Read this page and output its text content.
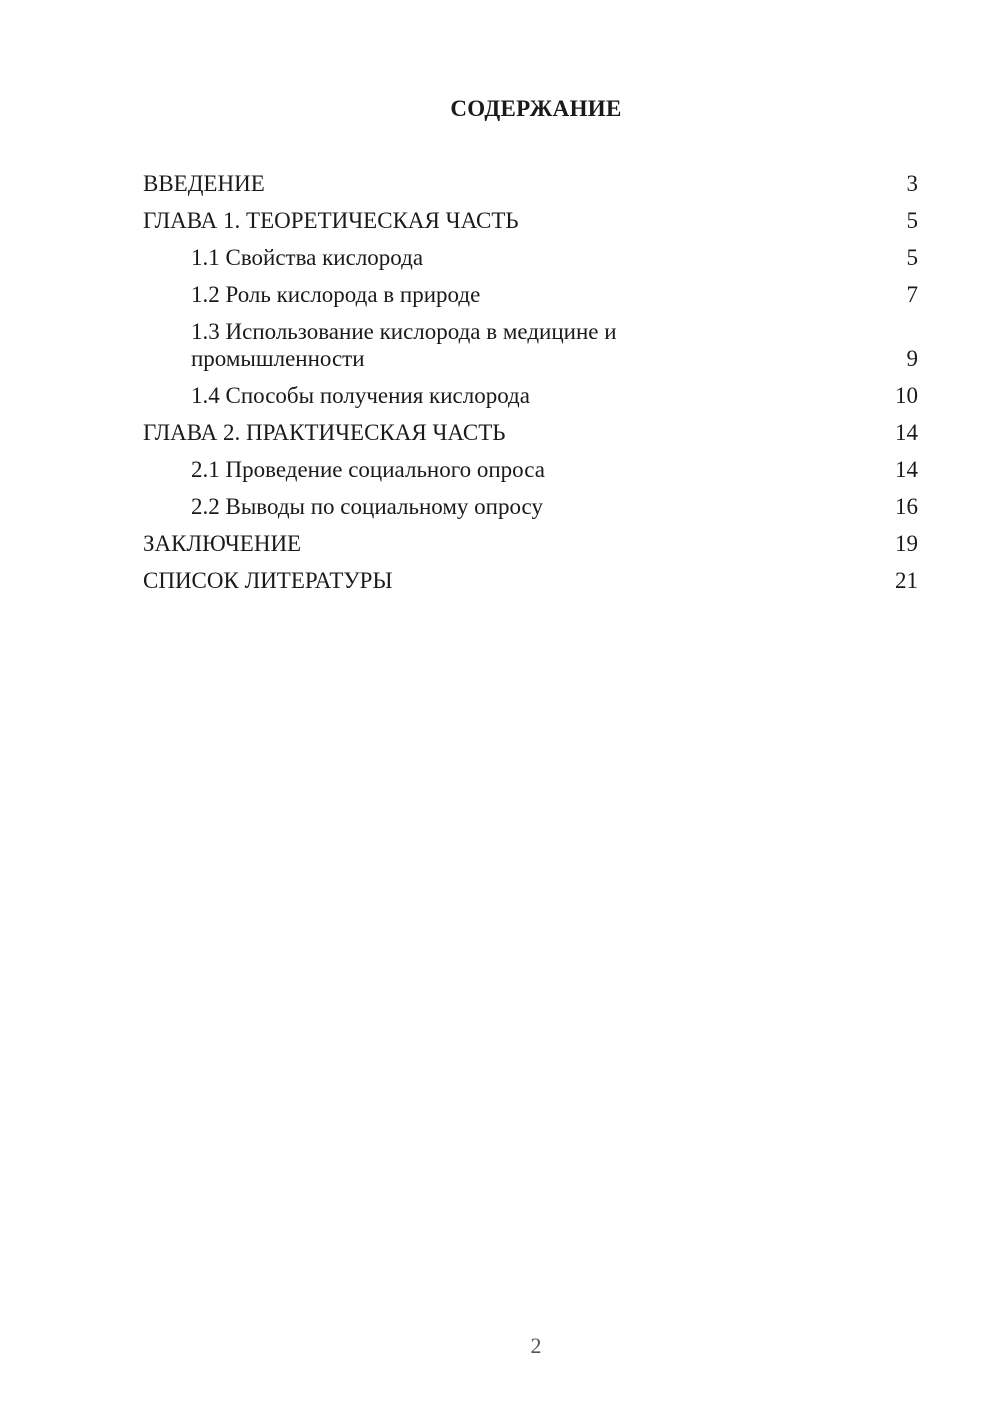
СОДЕРЖАНИЕ
ВВЕДЕНИЕ	3
ГЛАВА 1. ТЕОРЕТИЧЕСКАЯ ЧАСТЬ	5
1.1 Свойства кислорода	5
1.2 Роль кислорода в природе	7
1.3 Использование кислорода в медицине и промышленности	9
1.4 Способы получения кислорода	10
ГЛАВА 2. ПРАКТИЧЕСКАЯ ЧАСТЬ	14
2.1 Проведение социального опроса	14
2.2 Выводы по социальному опросу	16
ЗАКЛЮЧЕНИЕ	19
СПИСОК ЛИТЕРАТУРЫ	21
2
